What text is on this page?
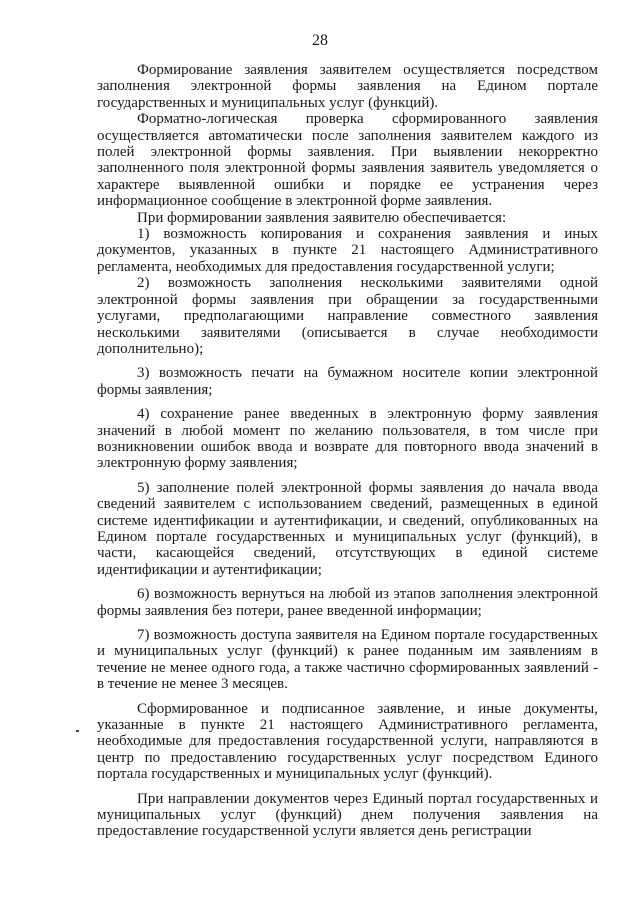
28

Формирование заявления заявителем осуществляется посредством заполнения электронной формы заявления на Едином портале государственных и муниципальных услуг (функций).

Форматно-логическая проверка сформированного заявления осуществляется автоматически после заполнения заявителем каждого из полей электронной формы заявления. При выявлении некорректно заполненного поля электронной формы заявления заявитель уведомляется о характере выявленной ошибки и порядке ее устранения через информационное сообщение в электронной форме заявления.

При формировании заявления заявителю обеспечивается:

1) возможность копирования и сохранения заявления и иных документов, указанных в пункте 21 настоящего Административного регламента, необходимых для предоставления государственной услуги;

2) возможность заполнения несколькими заявителями одной электронной формы заявления при обращении за государственными услугами, предполагающими направление совместного заявления несколькими заявителями (описывается в случае необходимости дополнительно);

3) возможность печати на бумажном носителе копии электронной формы заявления;

4) сохранение ранее введенных в электронную форму заявления значений в любой момент по желанию пользователя, в том числе при возникновении ошибок ввода и возврате для повторного ввода значений в электронную форму заявления;

5) заполнение полей электронной формы заявления до начала ввода сведений заявителем с использованием сведений, размещенных в единой системе идентификации и аутентификации, и сведений, опубликованных на Едином портале государственных и муниципальных услуг (функций), в части, касающейся сведений, отсутствующих в единой системе идентификации и аутентификации;

6) возможность вернуться на любой из этапов заполнения электронной формы заявления без потери, ранее введенной информации;

7) возможность доступа заявителя на Едином портале государственных и муниципальных услуг (функций) к ранее поданным им заявлениям в течение не менее одного года, а также частично сформированных заявлений - в течение не менее 3 месяцев.

Сформированное и подписанное заявление, и иные документы, указанные в пункте 21 настоящего Административного регламента, необходимые для предоставления государственной услуги, направляются в центр по предоставлению государственных услуг посредством Единого портала государственных и муниципальных услуг (функций).

При направлении документов через Единый портал государственных и муниципальных услуг (функций) днем получения заявления на предоставление государственной услуги является день регистрации
